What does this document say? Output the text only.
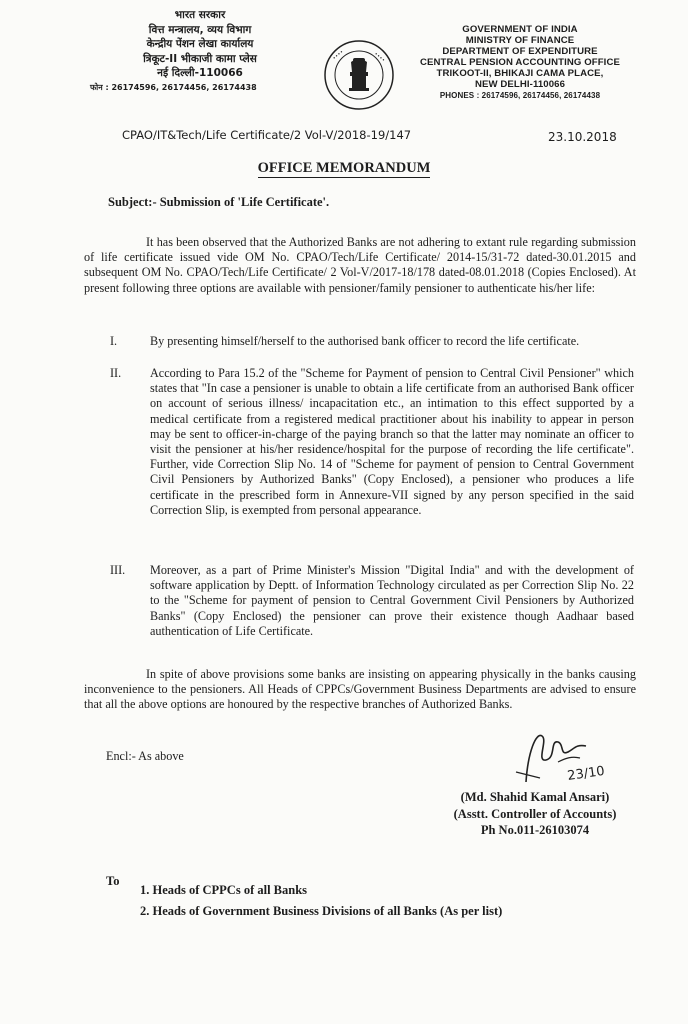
भारत सरकार
वित्त मन्त्रालय, व्यय विभाग
केन्द्रीय पेंशन लेखा कार्यालय
त्रिकूट-II भीकाजी कामा प्लेस
नई दिल्ली-110066
फोन : 26174596, 26174456, 26174438
∙∙∙∙	∙∙∙∙
GOVERNMENT OF INDIA
MINISTRY OF FINANCE
DEPARTMENT OF EXPENDITURE
CENTRAL PENSION ACCOUNTING OFFICE
TRIKOOT-II, BHIKAJI CAMA PLACE,
NEW DELHI-110066
PHONES : 26174596, 26174456, 26174438
CPAO/IT&Tech/Life Certificate/2 Vol-V/2018-19/147	23.10.2018
OFFICE MEMORANDUM
Subject:- Submission of 'Life Certificate'.
It has been observed that the Authorized Banks are not adhering to extant rule regarding submission of life certificate issued vide OM No. CPAO/Tech/Life Certificate/ 2014-15/31-72 dated-30.01.2015 and subsequent OM No. CPAO/Tech/Life Certificate/ 2 Vol-V/2017-18/178 dated-08.01.2018 (Copies Enclosed). At present following three options are available with pensioner/family pensioner to authenticate his/her life:
I.	By presenting himself/herself to the authorised bank officer to record the life certificate.
II. According to Para 15.2 of the "Scheme for Payment of pension to Central Civil Pensioner" which states that "In case a pensioner is unable to obtain a life certificate from an authorised Bank officer on account of serious illness/ incapacitation etc., an intimation to this effect supported by a medical certificate from a registered medical practitioner about his inability to appear in person may be sent to officer-in-charge of the paying branch so that the latter may nominate an officer to visit the pensioner at his/her residence/hospital for the purpose of recording the life certificate". Further, vide Correction Slip No. 14 of "Scheme for payment of pension to Central Government Civil Pensioners by Authorized Banks" (Copy Enclosed), a pensioner who produces a life certificate in the prescribed form in Annexure-VII signed by any person specified in the said Correction Slip, is exempted from personal appearance.
III. Moreover, as a part of Prime Minister's Mission "Digital India" and with the development of software application by Deptt. of Information Technology circulated as per Correction Slip No. 22 to the "Scheme for payment of pension to Central Government Civil Pensioners by Authorized Banks" (Copy Enclosed) the pensioner can prove their existence though Aadhaar based authentication of Life Certificate.
In spite of above provisions some banks are insisting on appearing physically in the banks causing inconvenience to the pensioners. All Heads of CPPCs/Government Business Departments are advised to ensure that all the above options are honoured by the respective branches of Authorized Banks.
Encl:- As above
23/10
(Md. Shahid Kamal Ansari)
(Asstt. Controller of Accounts)
Ph No.011-26103074
To
1. Heads of CPPCs of all Banks
2. Heads of Government Business Divisions of all Banks (As per list)
